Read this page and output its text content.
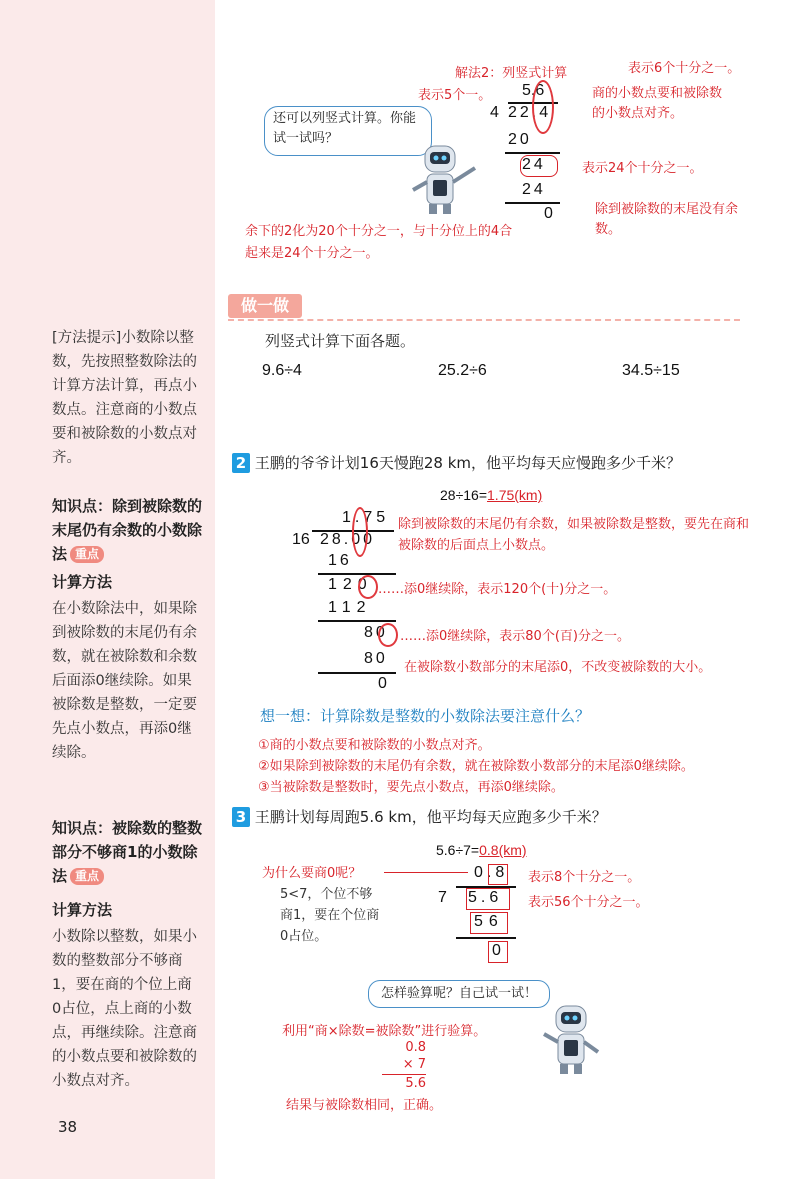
[方法提示]小数除以整数，先按照整数除法的计算方法计算，再点小数点。注意商的小数点要和被除数的小数点对齐。
知识点：除到被除数的末尾仍有余数的小数除法 重点
计算方法
在小数除法中，如果除到被除数的末尾仍有余数，就在被除数和余数后面添0继续除。如果被除数是整数，一定要先点小数点，再添0继续除。
知识点：被除数的整数部分不够商1的小数除法 重点
计算方法
小数除以整数，如果小数的整数部分不够商1，要在商的个位上商0占位，点上商的小数点，再继续除。注意商的小数点要和被除数的小数点对齐。
38
解法2：列竖式计算	表示6个十分之一。
表示5个一。	商的小数点要和被除数的小数点对齐。
还可以列竖式计算。你能试一试吗？
5.6
4 22.4
20
24	表示24个十分之一。
24
0	除到被除数的末尾没有余数。
余下的2化为20个十分之一，与十分位上的4合起来是24个十分之一。
做一做
列竖式计算下面各题。
9.6÷4	25.2÷6	34.5÷15
2 王鹏的爷爷计划16天慢跑28 km，他平均每天应慢跑多少千米？
28÷16=1.75(km)
1.75
16 28.00
除到被除数的末尾仍有余数，如果被除数是整数，要先在商和被除数的后面点上小数点。
16
120 ……添0继续除，表示120个(十)分之一。
112
80 ……添0继续除，表示80个(百)分之一。
80
0
在被除数小数部分的末尾添0，不改变被除数的大小。
想一想：计算除数是整数的小数除法要注意什么？
①商的小数点要和被除数的小数点对齐。
②如果除到被除数的末尾仍有余数，就在被除数小数部分的末尾添0继续除。
③当被除数是整数时，要先点小数点，再添0继续除。
3 王鹏计划每周跑5.6 km，他平均每天应跑多少千米？
5.6÷7=0.8(km)
为什么要商0呢？
5<7，个位不够商1，要在个位商0占位。
0.8 表示8个十分之一。
7 5.6 表示56个十分之一。
56
0
怎样验算呢？自己试一试！
利用“商×除数=被除数”进行验算。
0.8
× 7
5.6
结果与被除数相同，正确。
